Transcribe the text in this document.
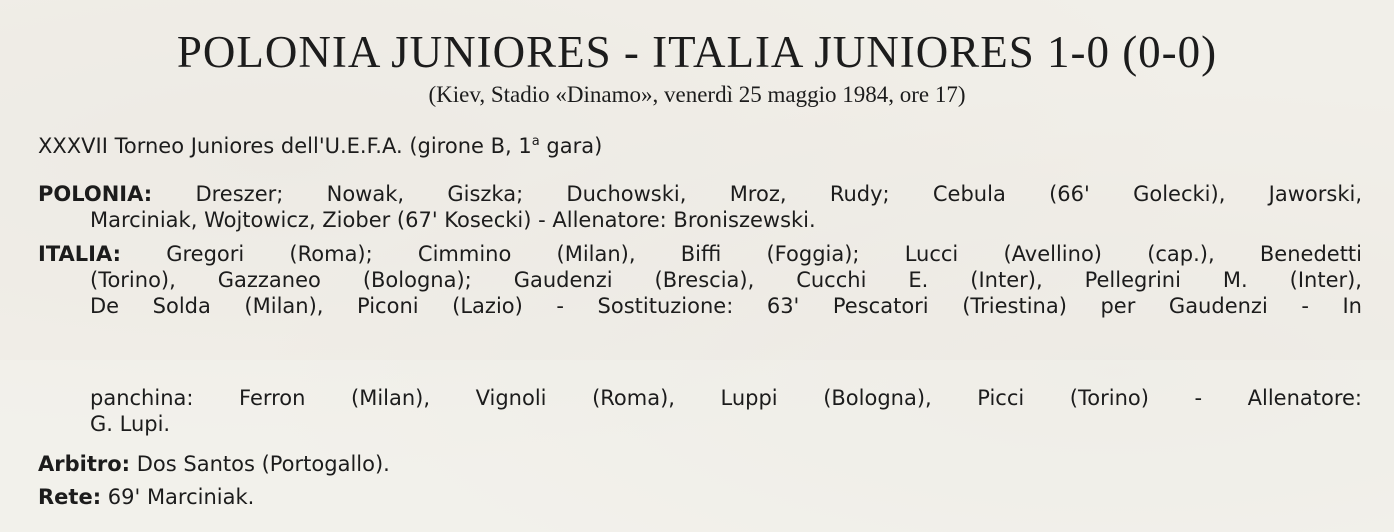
POLONIA JUNIORES - ITALIA JUNIORES 1-0 (0-0)
(Kiev, Stadio «Dinamo», venerdì 25 maggio 1984, ore 17)
XXXVII Torneo Juniores dell'U.E.F.A. (girone B, 1$^a$ gara)
POLONIA: Dreszer; Nowak, Giszka; Duchowski, Mroz, Rudy; Cebula (66' Golecki), Jaworski,
Marciniak, Wojtowicz, Ziober (67' Kosecki) - Allenatore: Broniszewski.
ITALIA: Gregori (Roma); Cimmino (Milan), Biffi (Foggia); Lucci (Avellino) (cap.), Benedetti
(Torino), Gazzaneo (Bologna); Gaudenzi (Brescia), Cucchi E. (Inter), Pellegrini M. (Inter),
De Solda (Milan), Piconi (Lazio) - Sostituzione: 63' Pescatori (Triestina) per Gaudenzi - In
panchina: Ferron (Milan), Vignoli (Roma), Luppi (Bologna), Picci (Torino) - Allenatore:
G. Lupi.
Arbitro: Dos Santos (Portogallo).
Rete: 69' Marciniak.
